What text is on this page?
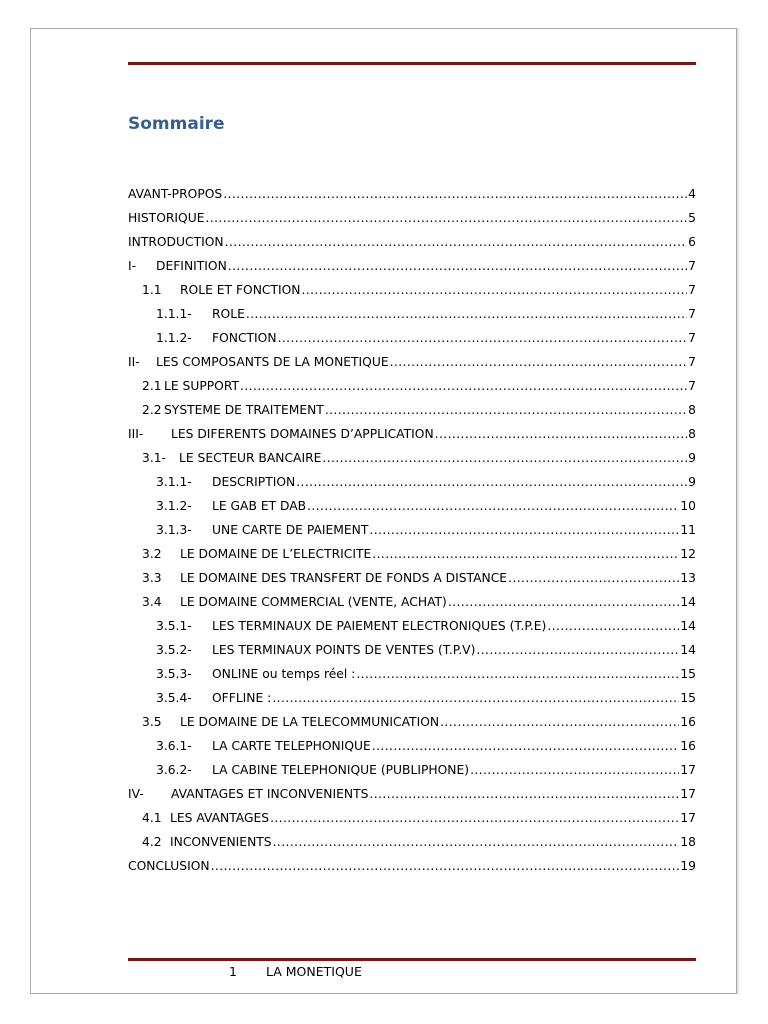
Sommaire
AVANT-PROPOS .....	4
HISTORIQUE .....	5
INTRODUCTION .....	6
I-	DEFINITION .....	7
1.1	ROLE ET FONCTION .....	7
1.1.1-	ROLE .....	7
1.1.2-	FONCTION .....	7
II-	LES COMPOSANTS DE LA MONETIQUE .....	7
2.1 LE SUPPORT .....	7
2.2 SYSTEME DE TRAITEMENT .....	8
III-	LES DIFERENTS DOMAINES D’APPLICATION .....	8
3.1-	LE SECTEUR BANCAIRE .....	9
3.1.1-	DESCRIPTION .....	9
3.1.2-	LE GAB ET DAB .....	10
3.1.3-	UNE CARTE DE PAIEMENT .....	11
3.2	LE DOMAINE DE L’ELECTRICITE .....	12
3.3	LE DOMAINE DES TRANSFERT DE FONDS A DISTANCE .....	13
3.4	LE DOMAINE COMMERCIAL (VENTE, ACHAT) .....	14
3.5.1-	LES TERMINAUX DE PAIEMENT ELECTRONIQUES (T.P.E) .....	14
3.5.2-	LES TERMINAUX POINTS DE VENTES (T.P.V) .....	14
3.5.3-	ONLINE ou temps réel : .....	15
3.5.4-	OFFLINE : .....	15
3.5	LE DOMAINE DE LA TELECOMMUNICATION .....	16
3.6.1-	LA CARTE TELEPHONIQUE .....	16
3.6.2-	LA CABINE TELEPHONIQUE (PUBLIPHONE) .....	17
IV-	AVANTAGES ET INCONVENIENTS .....	17
4.1 LES AVANTAGES .....	17
4.2 INCONVENIENTS .....	18
CONCLUSION .....	19
1 LA MONETIQUE
